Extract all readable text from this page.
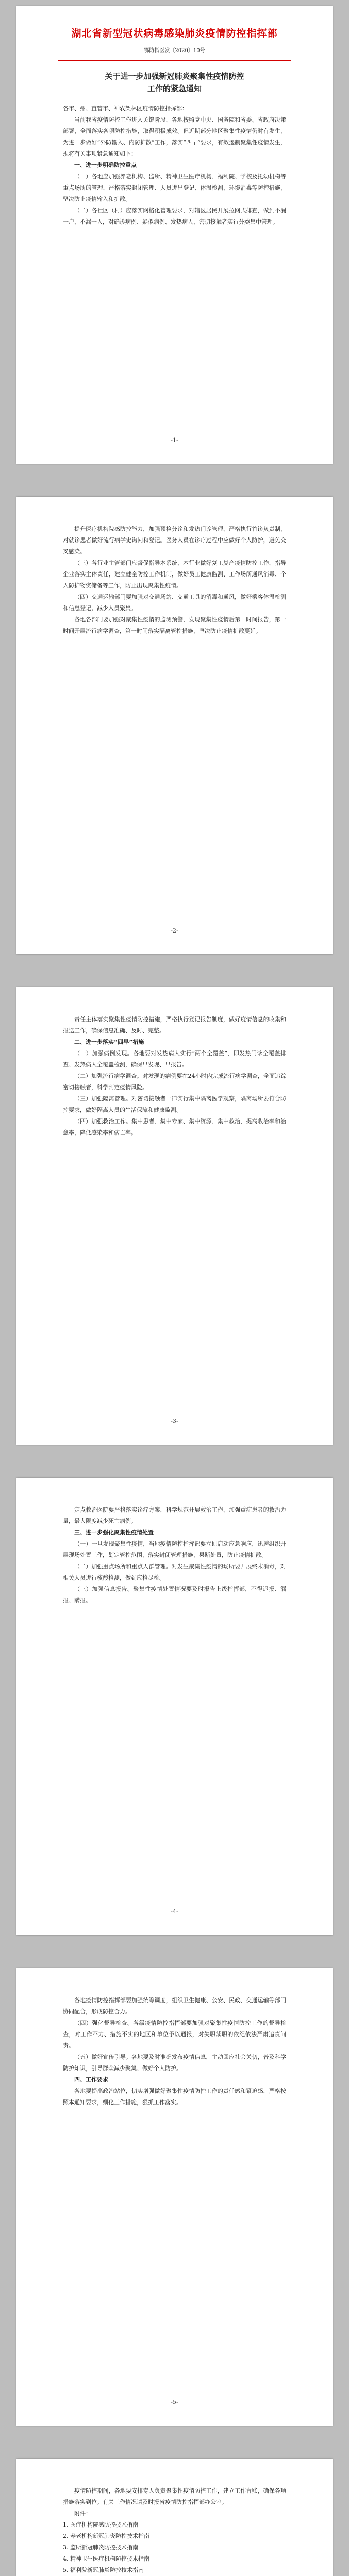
湖北省新型冠状病毒感染肺炎疫情防控指挥部
鄂防指医发〔2020〕10号
关于进一步加强新冠肺炎聚集性疫情防控
工作的紧急通知

各市、州、直管市、神农架林区疫情防控指挥部：

当前我省疫情防控工作进入关键阶段，各地按照党中央、国务院和省委、省政府决策部署，全面落实各项防控措施，取得积极成效。但近期部分地区聚集性疫情仍时有发生，为进一步做好“外防输入、内防扩散”工作，落实“四早”要求，有效遏制聚集性疫情发生，现将有关事项紧急通知如下：

一、进一步明确防控重点

（一）各地应加强养老机构、监所、精神卫生医疗机构、福利院、学校及托幼机构等重点场所的管理，严格落实封闭管理、人员进出登记、体温检测、环境消毒等防控措施，坚决防止疫情输入和扩散。

（二）各社区（村）应落实网格化管理要求，对辖区居民开展拉网式排查，做到不漏一户、不漏一人，对确诊病例、疑似病例、发热病人、密切接触者实行分类集中管理。

-1-

提升医疗机构院感防控能力，加强预检分诊和发热门诊管理，严格执行首诊负责制，对就诊患者做好流行病学史询问和登记。医务人员在诊疗过程中应做好个人防护，避免交叉感染。

（三）各行业主管部门应督促指导本系统、本行业做好复工复产疫情防控工作，指导企业落实主体责任，建立健全防控工作机制，做好员工健康监测、工作场所通风消毒、个人防护物资储备等工作，防止出现聚集性疫情。

（四）交通运输部门要加强对交通场站、交通工具的消毒和通风，做好乘客体温检测和信息登记，减少人员聚集。

各地各部门要加强对聚集性疫情的监测预警，发现聚集性疫情后第一时间报告，第一时间开展流行病学调查，第一时间落实隔离管控措施，坚决防止疫情扩散蔓延。

-2-

责任主体落实聚集性疫情防控措施，严格执行登记报告制度，做好疫情信息的收集和报送工作，确保信息准确、及时、完整。

二、进一步落实“四早”措施

（一）加强病例发现。各地要对发热病人实行“两个全覆盖”，即发热门诊全覆盖排查、发热病人全覆盖检测，确保早发现、早报告。

（二）加强流行病学调查。对发现的病例要在24小时内完成流行病学调查，全面追踪密切接触者，科学判定疫情风险。

（三）加强隔离管理。对密切接触者一律实行集中隔离医学观察，隔离场所要符合防控要求，做好隔离人员的生活保障和健康监测。

（四）加强救治工作。集中患者、集中专家、集中资源、集中救治，提高收治率和治愈率，降低感染率和病亡率。

-3-

定点救治医院要严格落实诊疗方案，科学规范开展救治工作，加强重症患者的救治力量，最大限度减少死亡病例。

三、进一步强化聚集性疫情处置

（一）一旦发现聚集性疫情，当地疫情防控指挥部要立即启动应急响应，迅速组织开展现场处置工作，划定管控范围，落实封闭管理措施，果断处置，防止疫情扩散。

（二）加强重点场所和重点人群管理。对发生聚集性疫情的场所要开展终末消毒，对相关人员进行核酸检测，做到应检尽检。

（三）加强信息报告。聚集性疫情处置情况要及时报告上级指挥部，不得迟报、漏报、瞒报。

-4-

各地疫情防控指挥部要加强统筹调度，组织卫生健康、公安、民政、交通运输等部门协同配合，形成防控合力。

（四）强化督导检查。各级疫情防控指挥部要加强对聚集性疫情防控工作的督导检查，对工作不力、措施不实的地区和单位予以通报，对失职渎职的依纪依法严肃追责问责。

（五）做好宣传引导。各地要及时准确发布疫情信息，主动回应社会关切，普及科学防护知识，引导群众减少聚集、做好个人防护。

四、工作要求

各地要提高政治站位，切实增强做好聚集性疫情防控工作的责任感和紧迫感，严格按照本通知要求，细化工作措施，狠抓工作落实。

-5-

疫情防控期间，各地要安排专人负责聚集性疫情防控工作，建立工作台账，确保各项措施落实到位。有关工作情况请及时报省疫情防控指挥部办公室。

附件：

1. 医疗机构院感防控技术指南

2. 养老机构新冠肺炎防控技术指南

3. 监所新冠肺炎防控技术指南

4. 精神卫生医疗机构防控技术指南

5. 福利院新冠肺炎防控技术指南
